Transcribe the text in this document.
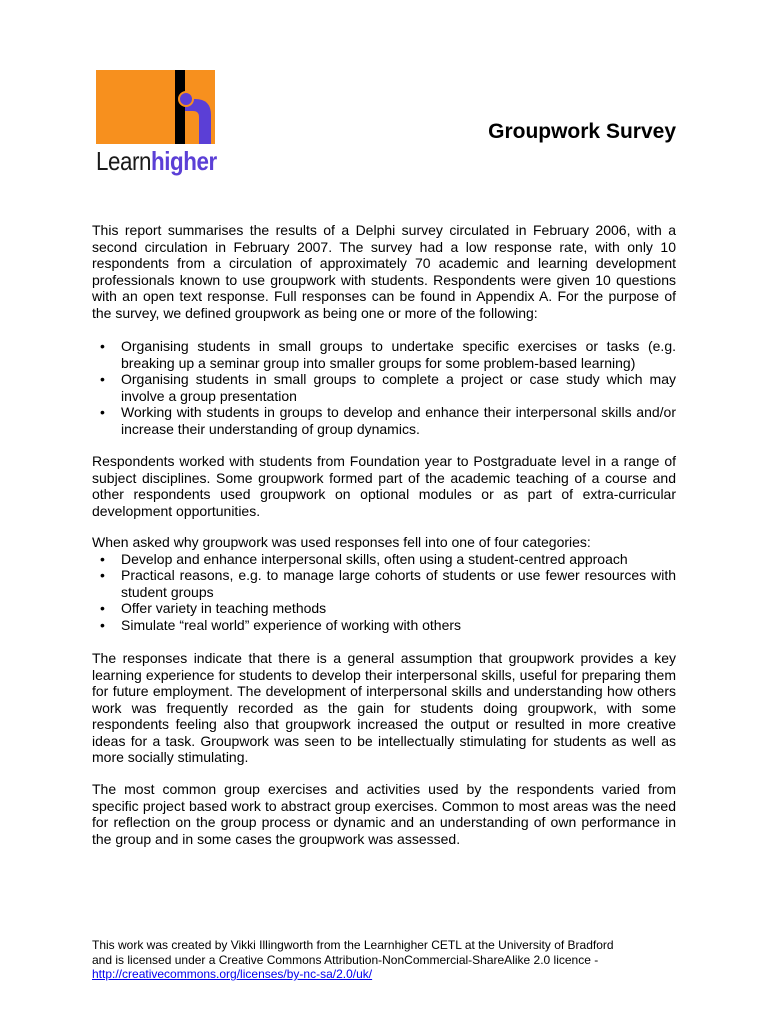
Learnhigher
Groupwork Survey

This report summarises the results of a Delphi survey circulated in February 2006, with a second circulation in February 2007. The survey had a low response rate, with only 10 respondents from a circulation of approximately 70 academic and learning development professionals known to use groupwork with students. Respondents were given 10 questions with an open text response. Full responses can be found in Appendix A. For the purpose of the survey, we defined groupwork as being one or more of the following:

• Organising students in small groups to undertake specific exercises or tasks (e.g. breaking up a seminar group into smaller groups for some problem-based learning)
• Organising students in small groups to complete a project or case study which may involve a group presentation
• Working with students in groups to develop and enhance their interpersonal skills and/or increase their understanding of group dynamics.

Respondents worked with students from Foundation year to Postgraduate level in a range of subject disciplines. Some groupwork formed part of the academic teaching of a course and other respondents used groupwork on optional modules or as part of extra-curricular development opportunities.

When asked why groupwork was used responses fell into one of four categories:

• Develop and enhance interpersonal skills, often using a student-centred approach
• Practical reasons, e.g. to manage large cohorts of students or use fewer resources with student groups
• Offer variety in teaching methods
• Simulate “real world” experience of working with others

The responses indicate that there is a general assumption that groupwork provides a key learning experience for students to develop their interpersonal skills, useful for preparing them for future employment. The development of interpersonal skills and understanding how others work was frequently recorded as the gain for students doing groupwork, with some respondents feeling also that groupwork increased the output or resulted in more creative ideas for a task. Groupwork was seen to be intellectually stimulating for students as well as more socially stimulating.

The most common group exercises and activities used by the respondents varied from specific project based work to abstract group exercises. Common to most areas was the need for reflection on the group process or dynamic and an understanding of own performance in the group and in some cases the groupwork was assessed.

This work was created by Vikki Illingworth from the Learnhigher CETL at the University of Bradford
and is licensed under a Creative Commons Attribution-NonCommercial-ShareAlike 2.0 licence -
http://creativecommons.org/licenses/by-nc-sa/2.0/uk/
